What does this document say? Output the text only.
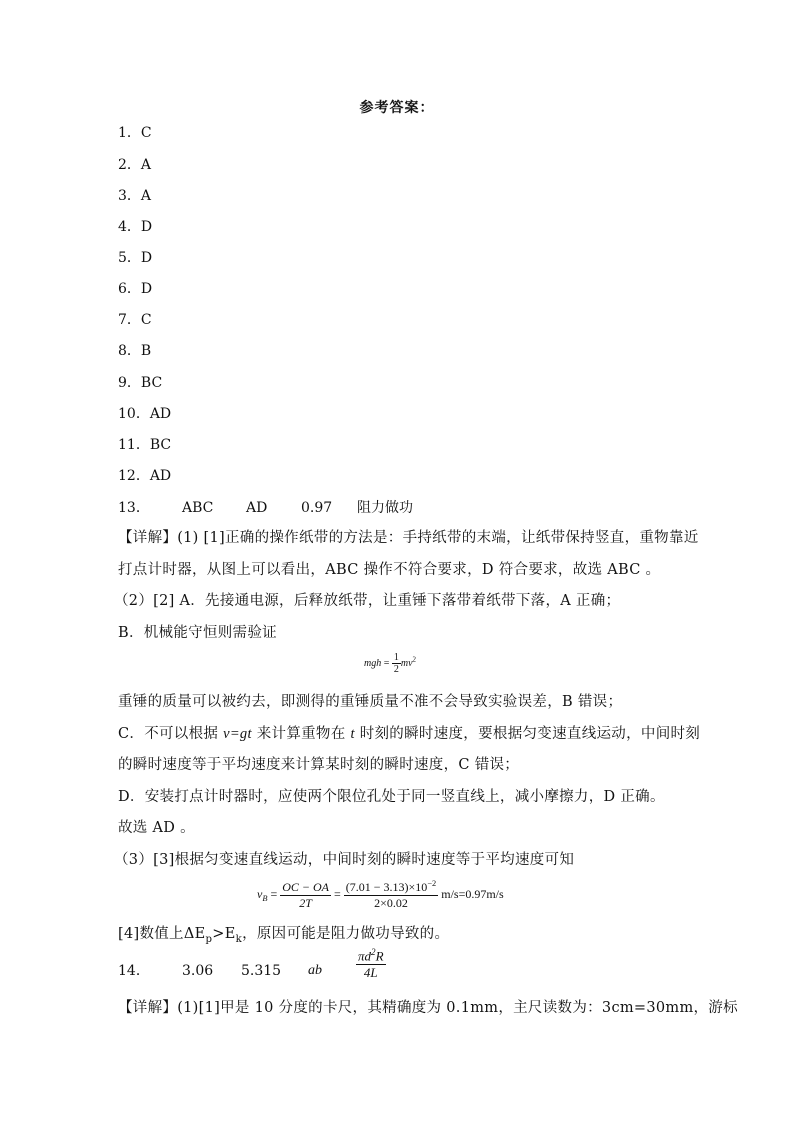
参考答案：
1．C
2．A
3．A
4．D
5．D
6．D
7．C
8．B
9．BC
10．AD
11．BC
12．AD
13． ABC AD 0.97 阻力做功
【详解】(1) [1]正确的操作纸带的方法是：手持纸带的末端，让纸带保持竖直，重物靠近
打点计时器，从图上可以看出，ABC 操作不符合要求，D 符合要求，故选 ABC 。
（2）[2] A．先接通电源，后释放纸带，让重锤下落带着纸带下落，A 正确；
B．机械能守恒则需验证
mgh = $\frac{1}{2} mv^2$
重锤的质量可以被约去，即测得的重锤质量不准不会导致实验误差，B 错误；
C．不可以根据 v=gt 来计算重物在 t 时刻的瞬时速度，要根据匀变速直线运动，中间时刻
的瞬时速度等于平均速度来计算某时刻的瞬时速度，C 错误；
D．安装打点计时器时，应使两个限位孔处于同一竖直线上，减小摩擦力，D 正确。
故选 AD 。
（3）[3]根据匀变速直线运动，中间时刻的瞬时速度等于平均速度可知
$v_B = \frac{OC - OA}{2T} = \frac{(7.01 - 3.13)\times 10^{-2}}{2\times 0.02} m/s=0.97m/s$
[4]数值上$\Delta E_p>E_k$，原因可能是阻力做功导致的。
14． 3.06 5.315 ab	$\frac{\pi d^2R}{4L}$
【详解】(1)[1]甲是 10 分度的卡尺，其精确度为 0.1mm，主尺读数为：3cm=30mm，游标
